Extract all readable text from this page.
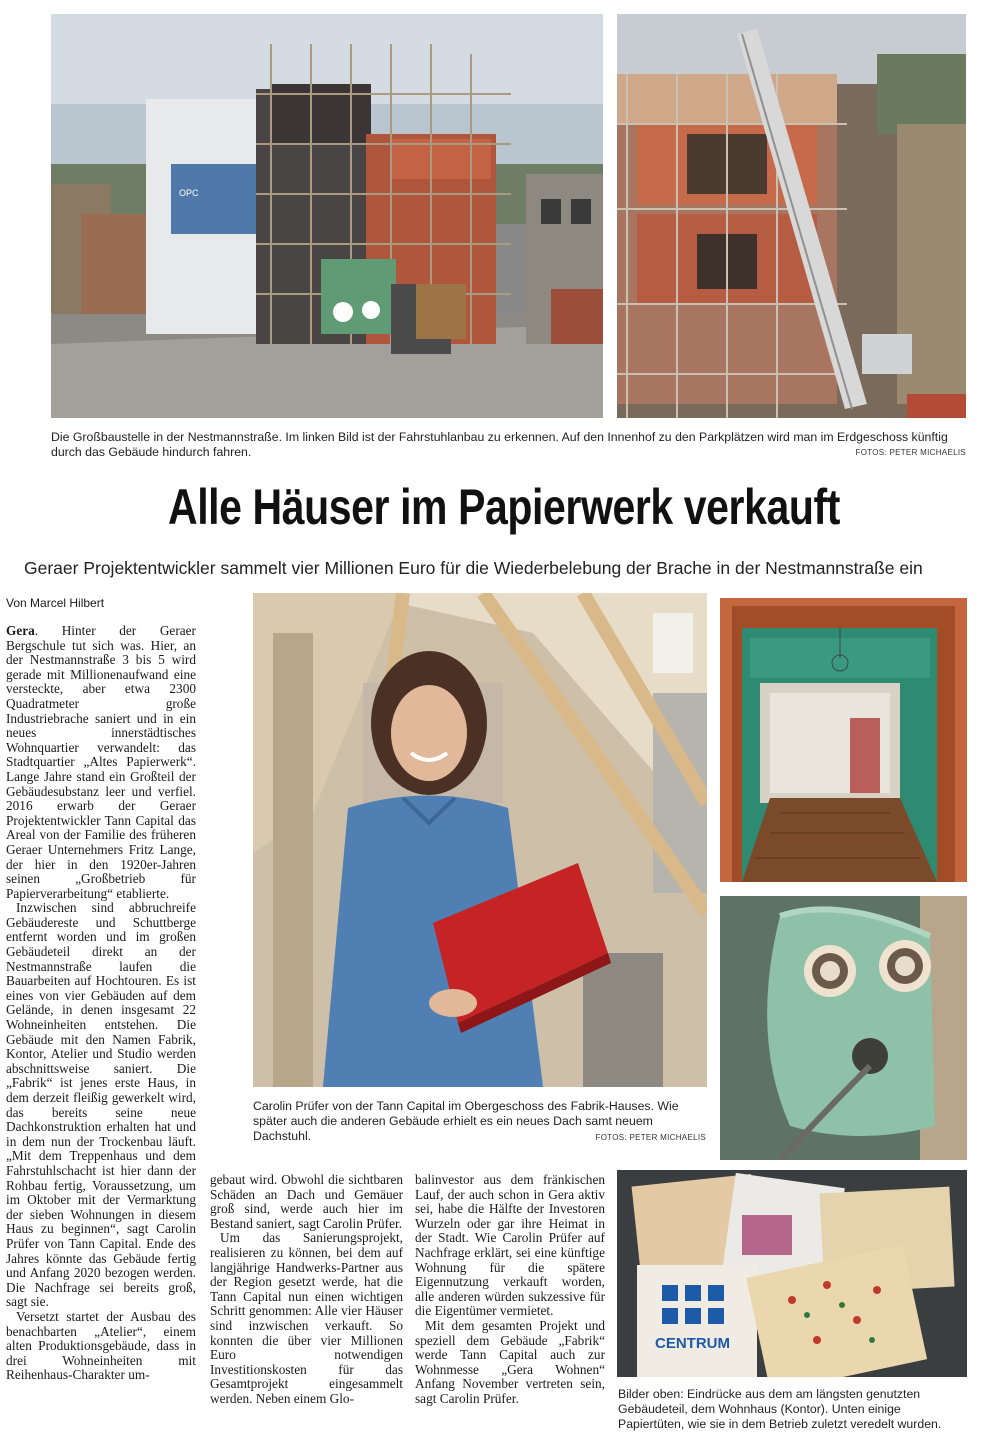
OPC
Die Großbaustelle in der Nestmannstraße. Im linken Bild ist der Fahrstuhlanbau zu erkennen. Auf den Innenhof zu den Parkplätzen wird man im Erdgeschoss künftig durch das Gebäude hindurch fahren.	FOTOS: PETER MICHAELIS
Alle Häuser im Papierwerk verkauft
Geraer Projektentwickler sammelt vier Millionen Euro für die Wiederbelebung der Brache in der Nestmannstraße ein
Von Marcel Hilbert

Gera. Hinter der Geraer Bergschule tut sich was. Hier, an der Nestmannstraße 3 bis 5 wird gerade mit Millionenaufwand eine versteckte, aber etwa 2300 Quadratmeter große Industriebrache saniert und in ein neues innerstädtisches Wohnquartier verwandelt: das Stadtquartier „Altes Papierwerk“. Lange Jahre stand ein Großteil der Gebäudesubstanz leer und verfiel. 2016 erwarb der Geraer Projektentwickler Tann Capital das Areal von der Familie des früheren Geraer Unternehmers Fritz Lange, der hier in den 1920er-Jahren seinen „Großbetrieb für Papierverarbeitung“ etablierte.

Inzwischen sind abbruchreife Gebäudereste und Schuttberge entfernt worden und im großen Gebäudeteil direkt an der Nestmannstraße laufen die Bauarbeiten auf Hochtouren. Es ist eines von vier Gebäuden auf dem Gelände, in denen insgesamt 22 Wohneinheiten entstehen. Die Gebäude mit den Namen Fabrik, Kontor, Atelier und Studio werden abschnittsweise saniert. Die „Fabrik“ ist jenes erste Haus, in dem derzeit fleißig gewerkelt wird, das bereits seine neue Dachkonstruktion erhalten hat und in dem nun der Trockenbau läuft. „Mit dem Treppenhaus und dem Fahrstuhlschacht ist hier dann der Rohbau fertig, Voraussetzung, um im Oktober mit der Vermarktung der sieben Wohnungen in diesem Haus zu beginnen“, sagt Carolin Prüfer von Tann Capital. Ende des Jahres könnte das Gebäude fertig und Anfang 2020 bezogen werden. Die Nachfrage sei bereits groß, sagt sie.

Versetzt startet der Ausbau des benachbarten „Atelier“, einem alten Produktionsgebäude, dass in drei Wohneinheiten mit Reihenhaus-Charakter um-

Carolin Prüfer von der Tann Capital im Obergeschoss des Fabrik-Hauses. Wie später auch die anderen Gebäude erhielt es ein neues Dach samt neuem Dachstuhl.	FOTOS: PETER MICHAELIS

gebaut wird. Obwohl die sichtbaren Schäden an Dach und Gemäuer groß sind, werde auch hier im Bestand saniert, sagt Carolin Prüfer.

Um das Sanierungsprojekt, realisieren zu können, bei dem auf langjährige Handwerks-Partner aus der Region gesetzt werde, hat die Tann Capital nun einen wichtigen Schritt genommen: Alle vier Häuser sind inzwischen verkauft. So konnten die über vier Millionen Euro notwendigen Investitionskosten für das Gesamtprojekt eingesammelt werden. Neben einem Glo-

balinvestor aus dem fränkischen Lauf, der auch schon in Gera aktiv sei, habe die Hälfte der Investoren Wurzeln oder gar ihre Heimat in der Stadt. Wie Carolin Prüfer auf Nachfrage erklärt, sei eine künftige Wohnung für die spätere Eigennutzung verkauft worden, alle anderen würden sukzessive für die Eigentümer vermietet.

Mit dem gesamten Projekt und speziell dem Gebäude „Fabrik“ werde Tann Capital auch zur Wohnmesse „Gera Wohnen“ Anfang November vertreten sein, sagt Carolin Prüfer.

CENTRUM
Bilder oben: Eindrücke aus dem am längsten genutzten Gebäudeteil, dem Wohnhaus (Kontor). Unten einige Papiertüten, wie sie in dem Betrieb zuletzt veredelt wurden.
